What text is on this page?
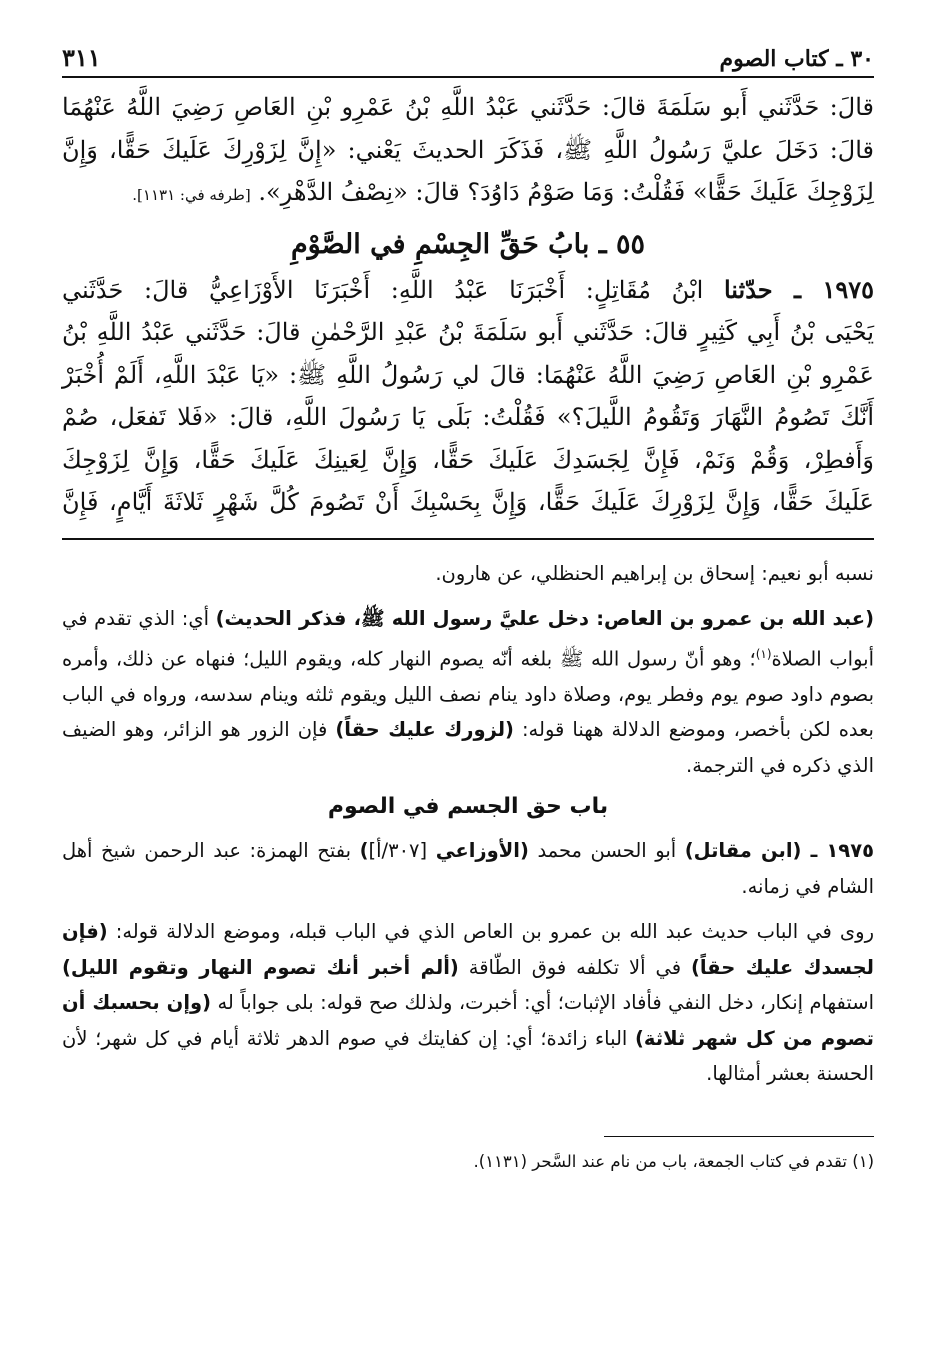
٣٠ ـ كتاب الصوم
٣١١

قالَ: حَدَّثَني أَبو سَلَمَةَ قالَ: حَدَّثَني عَبْدُ اللَّهِ بْنُ عَمْرِو بْنِ العَاصِ رَضِيَ اللَّهُ عَنْهُمَا

قالَ: دَخَلَ عليَّ رَسُولُ اللَّهِ ﷺ، فَذَكَرَ الحديثَ يَعْني: «إِنَّ لِزَوْرِكَ عَلَيكَ حَقًّا، وَإِنَّ

لِزَوْجِكَ عَلَيكَ حَقًّا» فَقُلْتُ: وَمَا صَوْمُ دَاوُدَ؟ قالَ: «نِصْفُ الدَّهْرِ». [طرفه في: ١١٣١].

٥٥ ـ بابُ حَقِّ الجِسْمِ في الصَّوْمِ

١٩٧٥ ـ حدّثنا ابْنُ مُقَاتِلٍ: أَخْبَرَنَا عَبْدُ اللَّهِ: أَخْبَرَنَا الأَوْزَاعِيُّ قالَ: حَدَّثَني

يَحْيَى بْنُ أَبِي كَثِيرٍ قالَ: حَدَّثَني أَبو سَلَمَةَ بْنُ عَبْدِ الرَّحْمٰنِ قالَ: حَدَّثَني عَبْدُ اللَّهِ بْنُ

عَمْرِو بْنِ العَاصِ رَضِيَ اللَّهُ عَنْهُمَا: قالَ لي رَسُولُ اللَّهِ ﷺ: «يَا عَبْدَ اللَّهِ، أَلَمْ أُخْبَرْ

أَنَّكَ تَصُومُ النَّهَارَ وَتَقُومُ اللَّيلَ؟» فَقُلْتُ: بَلَى يَا رَسُولَ اللَّهِ، قالَ: «فَلا تَفعَل، صُمْ

وَأَفطِرْ، وَقُمْ وَنَمْ، فَإِنَّ لِجَسَدِكَ عَلَيكَ حَقًّا، وَإِنَّ لِعَينِكَ عَلَيكَ حَقًّا، وَإِنَّ لِزَوْجِكَ

عَلَيكَ حَقًّا، وَإِنَّ لِزَوْرِكَ عَلَيكَ حَقًّا، وَإِنَّ بِحَسْبِكَ أَنْ تَصُومَ كُلَّ شَهْرٍ ثَلاثَةَ أَيَّامٍ، فَإِنَّ

نسبه أبو نعيم: إسحاق بن إبراهيم الحنظلي، عن هارون.

(عبد الله بن عمرو بن العاص: دخل عليَّ رسول الله ﷺ، فذكر الحديث) أي: الذي تقدم في أبواب الصلاة$^{(١)}$؛ وهو أنّ رسول الله ﷺ بلغه أنّه يصوم النهار كله، ويقوم الليل؛ فنهاه عن ذلك، وأمره بصوم داود صوم يوم وفطر يوم، وصلاة داود ينام نصف الليل ويقوم ثلثه وينام سدسه، ورواه في الباب بعده لكن بأخصر، وموضع الدلالة ههنا قوله: (لزورك عليك حقاً) فإن الزور هو الزائر، وهو الضيف الذي ذكره في الترجمة.

باب حق الجسم في الصوم

١٩٧٥ ـ (ابن مقاتل) أبو الحسن محمد (الأوزاعي [٣٠٧/أ]) بفتح الهمزة: عبد الرحمن شيخ أهل الشام في زمانه.

روى في الباب حديث عبد الله بن عمرو بن العاص الذي في الباب قبله، وموضع الدلالة قوله: (فإن لجسدك عليك حقاً) في ألا تكلفه فوق الطّاقة (ألم أخبر أنك تصوم النهار وتقوم الليل) استفهام إنكار، دخل النفي فأفاد الإثبات؛ أي: أخبرت، ولذلك صح قوله: بلى جواباً له (وإن بحسبك أن تصوم من كل شهر ثلاثة) الباء زائدة؛ أي: إن كفايتك في صوم الدهر ثلاثة أيام في كل شهر؛ لأن الحسنة بعشر أمثالها.

(١) تقدم في كتاب الجمعة، باب من نام عند السَّحر (١١٣١).
